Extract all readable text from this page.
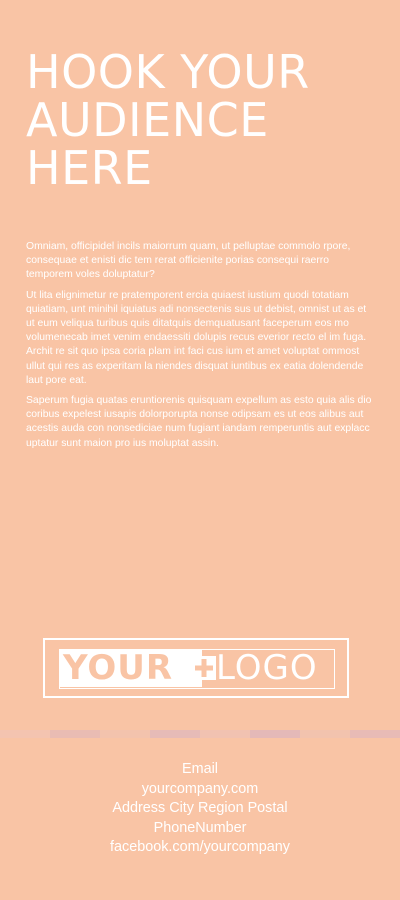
HOOK YOUR
AUDIENCE
HERE

Omniam, officipidel incils maiorrum quam, ut pelluptae commolo rpore, consequae et enisti dic tem rerat officienite porias consequi raerro temporem voles doluptatur?

Ut lita elignimetur re pratemporent ercia quiaest iustium quodi totatiam quiatiam, unt minihil iquiatus adi nonsectenis sus ut debist, omnist ut as et ut eum veliqua turibus quis ditatquis demquatusant faceperum eos mo volumenecab imet venim endaessiti dolupis recus everior recto el im fuga. Archit re sit quo ipsa coria plam int faci cus ium et amet voluptat ommost ullut qui res as experitam la niendes disquat iuntibus ex eatia dolendende laut pore eat.

Saperum fugia quatas eruntiorenis quisquam expellum as esto quia alis dio coribus expelest iusapis dolorporupta nonse odipsam es ut eos alibus aut acestis auda con nonsediciae num fugiant iandam remperuntis aut explacc uptatur sunt maion pro ius moluptat assin.

YOUR	LOGO
Email
yourcompany.com
Address City Region Postal
PhoneNumber
facebook.com/yourcompany
